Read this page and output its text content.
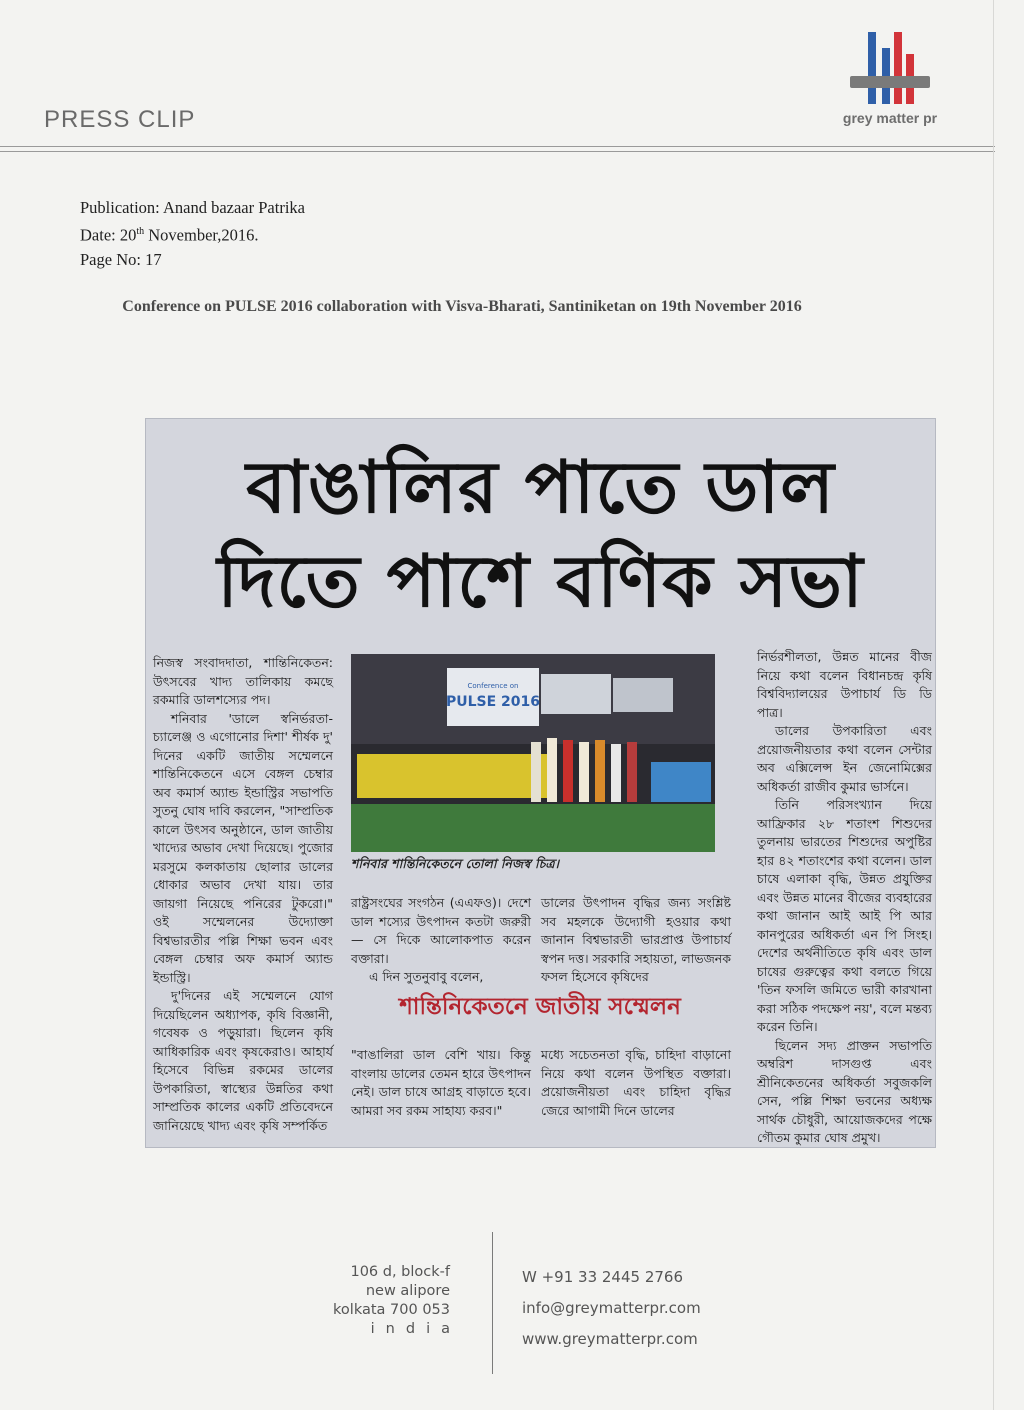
PRESS CLIP	grey matter pr
Publication: Anand bazaar Patrika
Date: 20th November,2016.
Page No: 17
Conference on PULSE 2016 collaboration with Visva-Bharati, Santiniketan on 19th November 2016
বাঙালির পাতে ডাল
দিতে পাশে বণিক সভা

নিজস্ব সংবাদদাতা, শান্তিনিকেতন: উৎসবের খাদ্য তালিকায় কমছে রকমারি ডালশস্যের পদ।

শনিবার 'ডালে স্বনির্ভরতা- চ্যালেঞ্জ ও এগোনোর দিশা' শীর্ষক দু' দিনের একটি জাতীয় সম্মেলনে শান্তিনিকেতনে এসে বেঙ্গল চেম্বার অব কমার্স অ্যান্ড ইন্ডাস্ট্রির সভাপতি সুতনু ঘোষ দাবি করলেন, "সাম্প্রতিক কালে উৎসব অনুষ্ঠানে, ডাল জাতীয় খাদ্যের অভাব দেখা দিয়েছে। পুজোর মরসুমে কলকাতায় ছোলার ডালের ধোকার অভাব দেখা যায়। তার জায়গা নিয়েছে পনিরের টুকরো।" ওই সম্মেলনের উদ্যোক্তা বিশ্বভারতীর পল্লি শিক্ষা ভবন এবং বেঙ্গল চেম্বার অফ কমার্স অ্যান্ড ইন্ডাস্ট্রি।

দু'দিনের এই সম্মেলনে যোগ দিয়েছিলেন অধ্যাপক, কৃষি বিজ্ঞানী, গবেষক ও পড়ুয়ারা। ছিলেন কৃষি আধিকারিক এবং কৃষকেরাও। আহার্য হিসেবে বিভিন্ন রকমের ডালের উপকারিতা, স্বাস্থ্যের উন্নতির কথা সাম্প্রতিক কালের একটি প্রতিবেদনে জানিয়েছে খাদ্য এবং কৃষি সম্পর্কিত

Conference on
PULSE 2016
শনিবার শান্তিনিকেতনে তোলা নিজস্ব চিত্র।

রাষ্ট্রসংঘের সংগঠন (এএফও)। দেশে ডাল শস্যের উৎপাদন কতটা জরুরী— সে দিকে আলোকপাত করেন বক্তারা।

এ দিন সুতনুবাবু বলেন,

ডালের উৎপাদন বৃদ্ধির জন্য সংশ্লিষ্ট সব মহলকে উদ্যোগী হওয়ার কথা জানান বিশ্বভারতী ভারপ্রাপ্ত উপাচার্য স্বপন দত্ত। সরকারি সহায়তা, লাভজনক ফসল হিসেবে কৃষিদের

শান্তিনিকেতনে জাতীয় সম্মেলন

"বাঙালিরা ডাল বেশি খায়। কিন্তু বাংলায় ডালের তেমন হারে উৎপাদন নেই। ডাল চাষে আগ্রহ বাড়াতে হবে। আমরা সব রকম সাহায্য করব।"

মধ্যে সচেতনতা বৃদ্ধি, চাহিদা বাড়ানো নিয়ে কথা বলেন উপস্থিত বক্তারা। প্রয়োজনীয়তা এবং চাহিদা বৃদ্ধির জেরে আগামী দিনে ডালের

নির্ভরশীলতা, উন্নত মানের বীজ নিয়ে কথা বলেন বিধানচন্দ্র কৃষি বিশ্ববিদ্যালয়ের উপাচার্য ডি ডি পাত্র।

ডালের উপকারিতা এবং প্রয়োজনীয়তার কথা বলেন সেন্টার অব এক্সিলেন্স ইন জেনোমিক্সের অধিকর্তা রাজীব কুমার ভার্সনে।

তিনি পরিসংখ্যান দিয়ে আফ্রিকার ২৮ শতাংশ শিশুদের তুলনায় ভারতের শিশুদের অপুষ্টির হার ৪২ শতাংশের কথা বলেন। ডাল চাষে এলাকা বৃদ্ধি, উন্নত প্রযুক্তির এবং উন্নত মানের বীজের ব্যবহারের কথা জানান আই আই পি আর কানপুরের অধিকর্তা এন পি সিংহ। দেশের অর্থনীতিতে কৃষি এবং ডাল চাষের গুরুত্বের কথা বলতে গিয়ে 'তিন ফসলি জমিতে ভারী কারখানা করা সঠিক পদক্ষেপ নয়', বলে মন্তব্য করেন তিনি।

ছিলেন সদ্য প্রাক্তন সভাপতি অম্বরিশ দাসগুপ্ত এবং শ্রীনিকেতনের অধিকর্তা সবুজকলি সেন, পল্লি শিক্ষা ভবনের অধ্যক্ষ সার্থক চৌধুরী, আয়োজকদের পক্ষে গৌতম কুমার ঘোষ প্রমুখ।

106 d, block-f
new alipore
kolkata 700 053
india
W +91 33 2445 2766
info@greymatterpr.com
www.greymatterpr.com
